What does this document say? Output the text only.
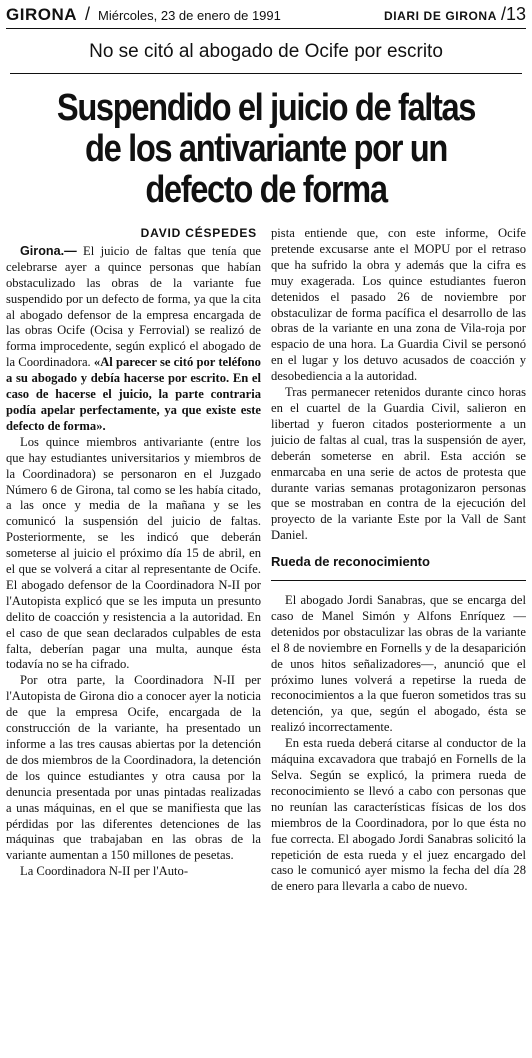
GIRONA / Miércoles, 23 de enero de 1991	DIARI DE GIRONA /13
No se citó al abogado de Ocife por escrito
Suspendido el juicio de faltas de los antivariante por un defecto de forma
DAVID CÉSPEDES

Girona.— El juicio de faltas que tenía que celebrarse ayer a quince personas que habían obstaculizado las obras de la variante fue suspendido por un defecto de forma, ya que la cita al abogado defensor de la empresa encargada de las obras Ocife (Ocisa y Ferrovial) se realizó de forma improcedente, según explicó el abogado de la Coordinadora. «Al parecer se citó por teléfono a su abogado y debía hacerse por escrito. En el caso de hacerse el juicio, la parte contraria podía apelar perfectamente, ya que existe este defecto de forma».

Los quince miembros antivariante (entre los que hay estudiantes universitarios y miembros de la Coordinadora) se personaron en el Juzgado Número 6 de Girona, tal como se les había citado, a las once y media de la mañana y se les comunicó la suspensión del juicio de faltas. Posteriormente, se les indicó que deberán someterse al juicio el próximo día 15 de abril, en el que se volverá a citar al representante de Ocife. El abogado defensor de la Coordinadora N-II por l'Autopista explicó que se les imputa un presunto delito de coacción y resistencia a la autoridad. En el caso de que sean declarados culpables de esta falta, deberían pagar una multa, aunque ésta todavía no se ha cifrado.

Por otra parte, la Coordinadora N-II per l'Autopista de Girona dio a conocer ayer la noticia de que la empresa Ocife, encargada de la construcción de la variante, ha presentado un informe a las tres causas abiertas por la detención de dos miembros de la Coordinadora, la detención de los quince estudiantes y otra causa por la denuncia presentada por unas pintadas realizadas a unas máquinas, en el que se manifiesta que las pérdidas por las diferentes detenciones de las máquinas que trabajaban en las obras de la variante aumentan a 150 millones de pesetas.

La Coordinadora N-II per l'Auto-

pista entiende que, con este informe, Ocife pretende excusarse ante el MOPU por el retraso que ha sufrido la obra y además que la cifra es muy exagerada. Los quince estudiantes fueron detenidos el pasado 26 de noviembre por obstaculizar de forma pacífica el desarrollo de las obras de la variante en una zona de Vila-roja por espacio de una hora. La Guardia Civil se personó en el lugar y los detuvo acusados de coacción y desobediencia a la autoridad.

Tras permanecer retenidos durante cinco horas en el cuartel de la Guardia Civil, salieron en libertad y fueron citados posteriormente a un juicio de faltas al cual, tras la suspensión de ayer, deberán someterse en abril. Esta acción se enmarcaba en una serie de actos de protesta que durante varias semanas protagonizaron personas que se mostraban en contra de la ejecución del proyecto de la variante Este por la Vall de Sant Daniel.

Rueda de reconocimiento

El abogado Jordi Sanabras, que se encarga del caso de Manel Simón y Alfons Enríquez —detenidos por obstaculizar las obras de la variante el 8 de noviembre en Fornells y de la desaparición de unos hitos señalizadores—, anunció que el próximo lunes volverá a repetirse la rueda de reconocimientos a la que fueron sometidos tras su detención, ya que, según el abogado, ésta se realizó incorrectamente.

En esta rueda deberá citarse al conductor de la máquina excavadora que trabajó en Fornells de la Selva. Según se explicó, la primera rueda de reconocimiento se llevó a cabo con personas que no reunían las características físicas de los dos miembros de la Coordinadora, por lo que ésta no fue correcta. El abogado Jordi Sanabras solicitó la repetición de esta rueda y el juez encargado del caso le comunicó ayer mismo la fecha del día 28 de enero para llevarla a cabo de nuevo.
